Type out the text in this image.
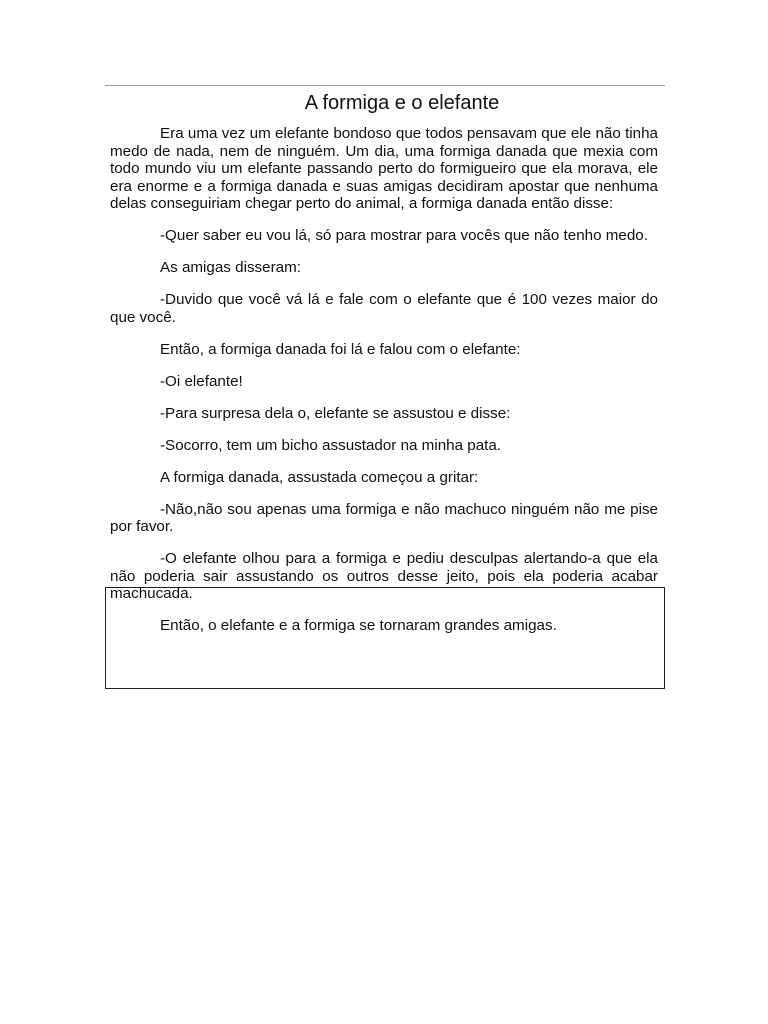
A formiga e o elefante

Era uma vez um elefante bondoso que todos pensavam que ele não tinha medo de nada, nem de ninguém. Um dia, uma formiga danada que mexia com todo mundo viu um elefante passando perto do formigueiro que ela morava, ele era enorme e a formiga danada e suas amigas decidiram apostar que nenhuma delas conseguiriam chegar perto do animal, a formiga danada então disse:

-Quer saber eu vou lá, só para mostrar para vocês que não tenho medo.

As amigas disseram:

-Duvido que você vá lá e fale com o elefante que é 100 vezes maior do que você.

Então, a formiga danada foi lá e falou com o elefante:

-Oi elefante!

-Para surpresa dela o, elefante se assustou e disse:

-Socorro, tem um bicho assustador na minha pata.

A formiga danada, assustada começou a gritar:

-Não,não sou apenas uma formiga e não machuco ninguém não me pise por favor.

-O elefante olhou para a formiga e pediu desculpas alertando-a que ela não poderia sair assustando os outros desse jeito, pois ela poderia acabar machucada.

Então, o elefante e a formiga se tornaram grandes amigas.
